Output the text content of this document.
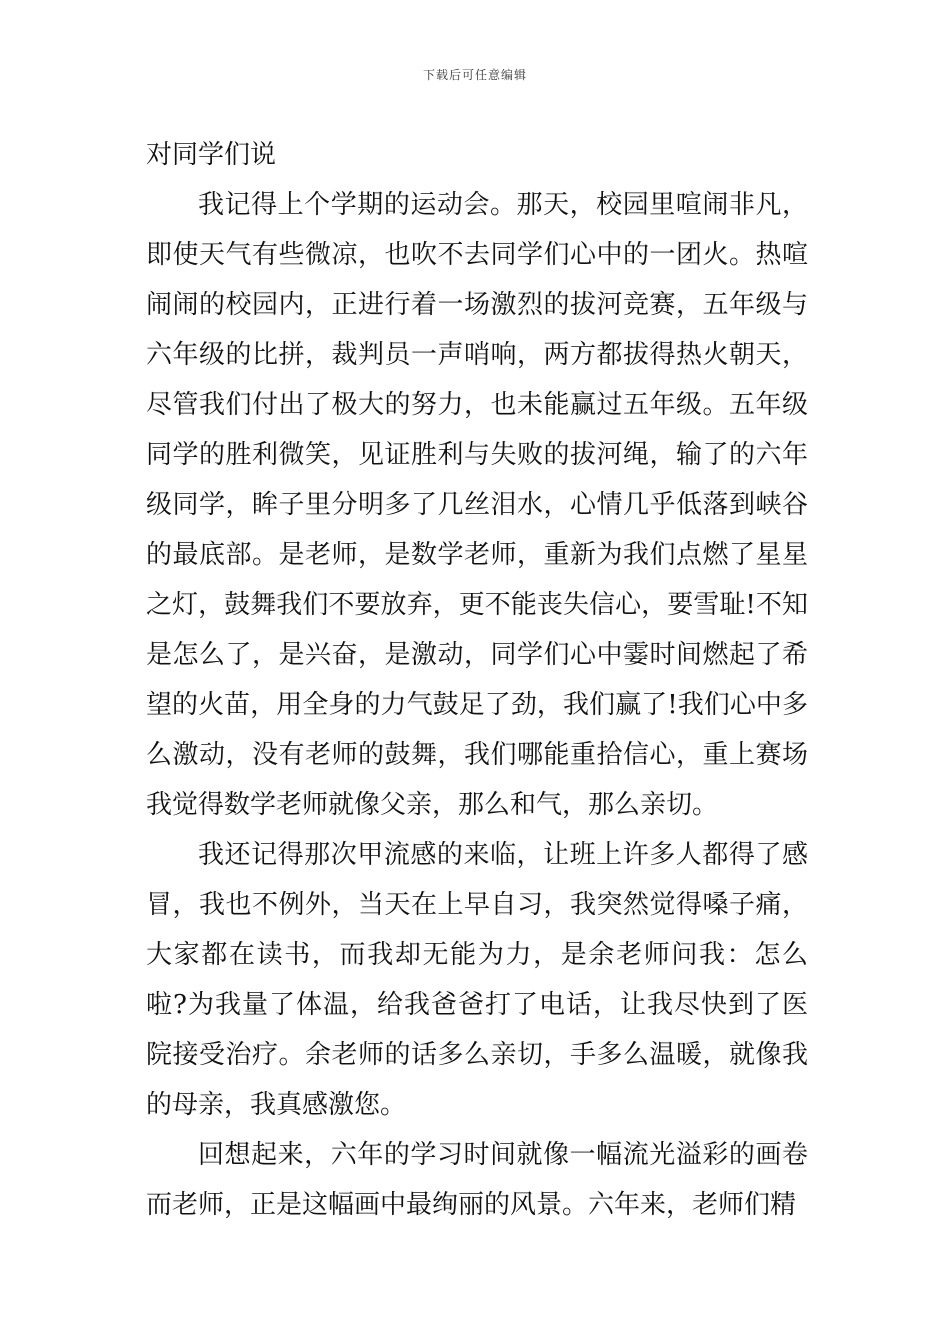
下载后可任意编辑
对同学们说

我记得上个学期的运动会。那天，校园里喧闹非凡，即使天气有些微凉，也吹不去同学们心中的一团火。热喧闹闹的校园内，正进行着一场激烈的拔河竞赛，五年级与六年级的比拼，裁判员一声哨响，两方都拔得热火朝天，尽管我们付出了极大的努力，也未能赢过五年级。五年级同学的胜利微笑，见证胜利与失败的拔河绳，输了的六年级同学，眸子里分明多了几丝泪水，心情几乎低落到峡谷的最底部。是老师，是数学老师，重新为我们点燃了星星之灯，鼓舞我们不要放弃，更不能丧失信心，要雪耻!不知是怎么了，是兴奋，是激动，同学们心中霎时间燃起了希望的火苗，用全身的力气鼓足了劲，我们赢了!我们心中多么激动，没有老师的鼓舞，我们哪能重拾信心，重上赛场我觉得数学老师就像父亲，那么和气，那么亲切。

我还记得那次甲流感的来临，让班上许多人都得了感冒，我也不例外，当天在上早自习，我突然觉得嗓子痛，大家都在读书，而我却无能为力，是余老师问我：怎么啦?为我量了体温，给我爸爸打了电话，让我尽快到了医院接受治疗。余老师的话多么亲切，手多么温暖，就像我的母亲，我真感激您。

回想起来，六年的学习时间就像一幅流光溢彩的画卷而老师，正是这幅画中最绚丽的风景。六年来，老师们精
